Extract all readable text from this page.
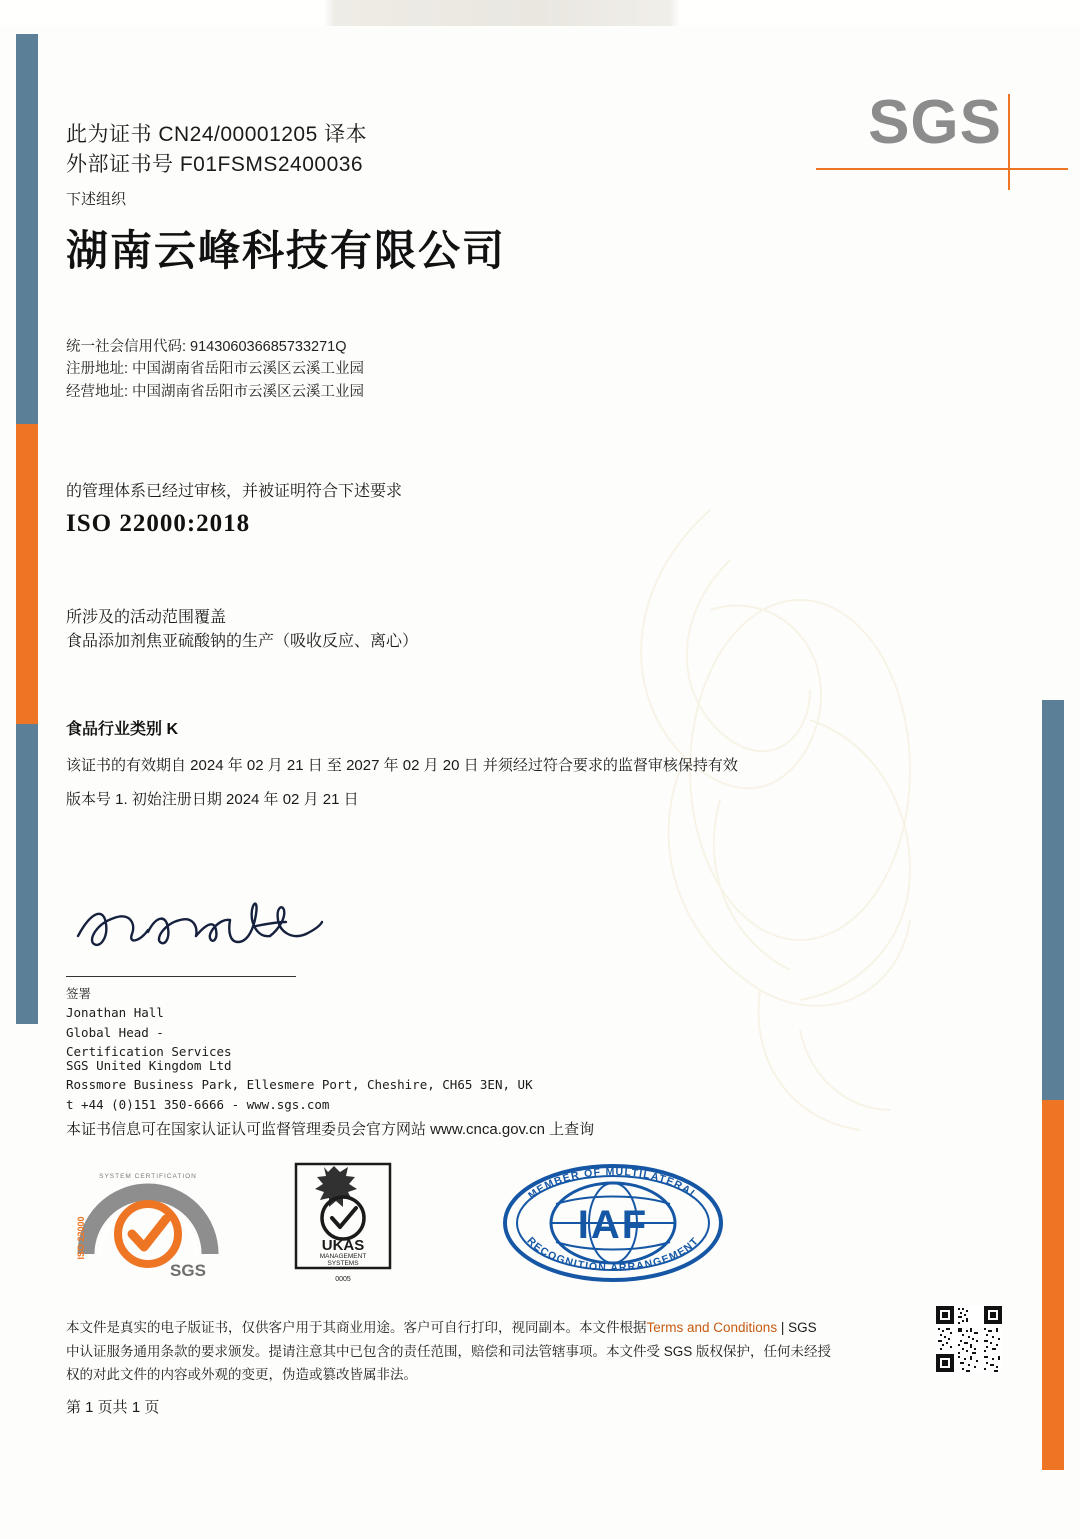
SGS
此为证书 CN24/00001205 译本
外部证书号 F01FSMS2400036
下述组织
湖南云峰科技有限公司
统一社会信用代码: 914306036685733271Q
注册地址: 中国湖南省岳阳市云溪区云溪工业园
经营地址: 中国湖南省岳阳市云溪区云溪工业园
的管理体系已经过审核，并被证明符合下述要求
ISO 22000:2018
所涉及的活动范围覆盖
食品添加剂焦亚硫酸钠的生产（吸收反应、离心）
食品行业类别 K
该证书的有效期自 2024 年 02 月 21 日 至 2027 年 02 月 20 日 并须经过符合要求的监督审核保持有效
版本号 1. 初始注册日期 2024 年 02 月 21 日
签署
Jonathan Hall
Global Head -
Certification Services
SGS United Kingdom Ltd
Rossmore Business Park, Ellesmere Port, Cheshire, CH65 3EN, UK
t +44 (0)151 350-6666 - www.sgs.com
本证书信息可在国家认证认可监督管理委员会官方网站 www.cnca.gov.cn 上查询
SGS
ISO 22000
SYSTEM CERTIFICATION
UKAS
MANAGEMENT
SYSTEMS
0005
IAF
MEMBER OF MULTILATERAL
RECOGNITION ARRANGEMENT
本文件是真实的电子版证书，仅供客户用于其商业用途。客户可自行打印，视同副本。本文件根据Terms and Conditions | SGS
中认证服务通用条款的要求颁发。提请注意其中已包含的责任范围，赔偿和司法管辖事项。本文件受 SGS 版权保护，任何未经授
权的对此文件的内容或外观的变更，伪造或篡改皆属非法。
第 1 页共 1 页
